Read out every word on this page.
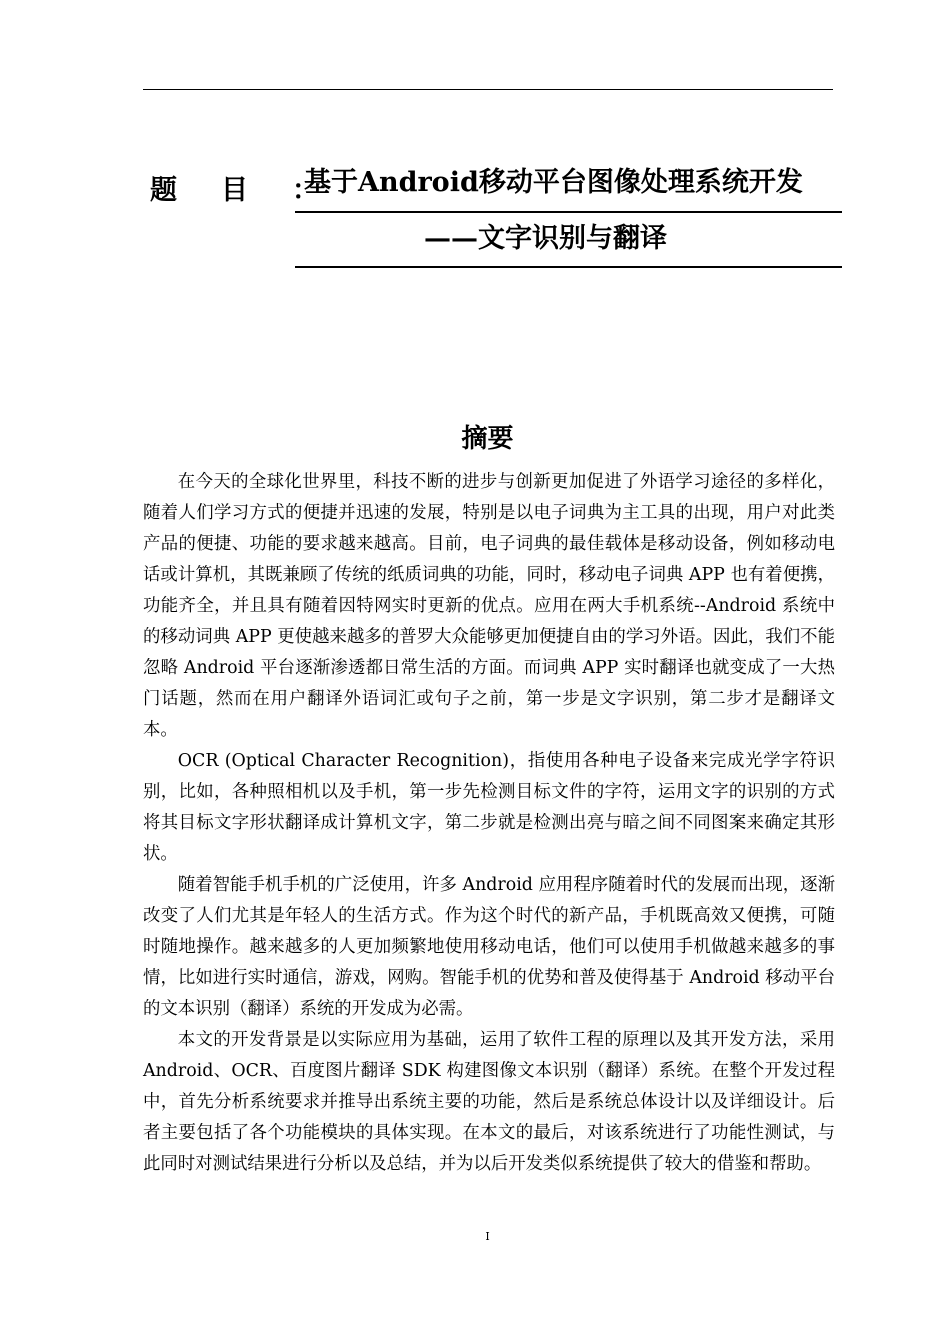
题目：
基于Android移动平台图像处理系统开发
——文字识别与翻译
摘要

在今天的全球化世界里，科技不断的进步与创新更加促进了外语学习途径的多样化，随着人们学习方式的便捷并迅速的发展，特别是以电子词典为主工具的出现，用户对此类产品的便捷、功能的要求越来越高。目前，电子词典的最佳载体是移动设备，例如移动电话或计算机，其既兼顾了传统的纸质词典的功能，同时，移动电子词典 APP 也有着便携，功能齐全，并且具有随着因特网实时更新的优点。应用在两大手机系统--Android 系统中的移动词典 APP 更使越来越多的普罗大众能够更加便捷自由的学习外语。因此，我们不能忽略 Android 平台逐渐渗透都日常生活的方面。而词典 APP 实时翻译也就变成了一大热门话题，然而在用户翻译外语词汇或句子之前，第一步是文字识别，第二步才是翻译文本。

OCR (Optical Character Recognition)，指使用各种电子设备来完成光学字符识别，比如，各种照相机以及手机，第一步先检测目标文件的字符，运用文字的识别的方式将其目标文字形状翻译成计算机文字，第二步就是检测出亮与暗之间不同图案来确定其形状。

随着智能手机手机的广泛使用，许多 Android 应用程序随着时代的发展而出现，逐渐改变了人们尤其是年轻人的生活方式。作为这个时代的新产品，手机既高效又便携，可随时随地操作。越来越多的人更加频繁地使用移动电话，他们可以使用手机做越来越多的事情，比如进行实时通信，游戏，网购。智能手机的优势和普及使得基于 Android 移动平台的文本识别（翻译）系统的开发成为必需。

本文的开发背景是以实际应用为基础，运用了软件工程的原理以及其开发方法，采用 Android、OCR、百度图片翻译 SDK 构建图像文本识别（翻译）系统。在整个开发过程中，首先分析系统要求并推导出系统主要的功能，然后是系统总体设计以及详细设计。后者主要包括了各个功能模块的具体实现。在本文的最后，对该系统进行了功能性测试，与此同时对测试结果进行分析以及总结，并为以后开发类似系统提供了较大的借鉴和帮助。

I
